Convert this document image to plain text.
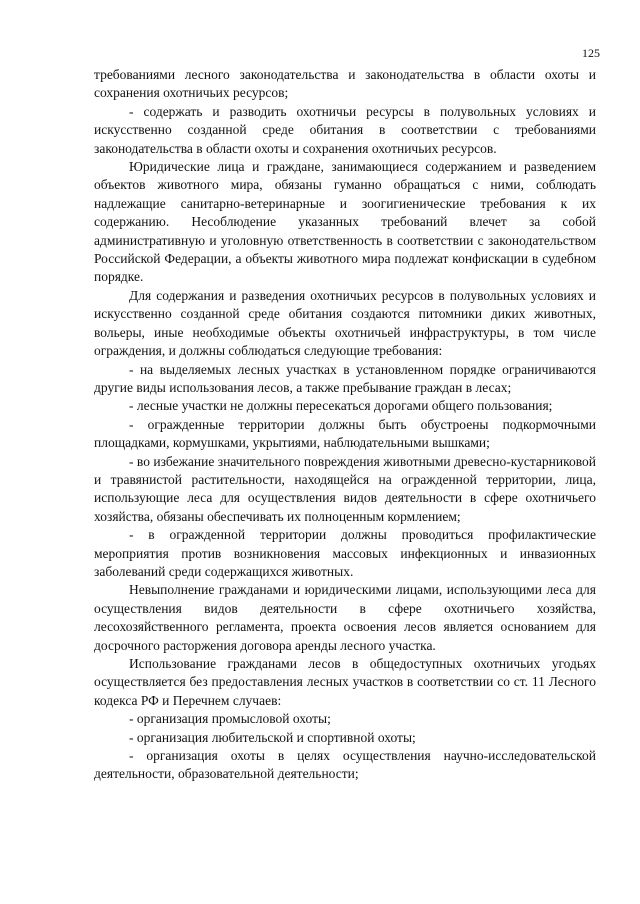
125

требованиями лесного законодательства и законодательства в области охоты и сохранения охотничьих ресурсов;

- содержать и разводить охотничьи ресурсы в полувольных условиях и искусственно созданной среде обитания в соответствии с требованиями законодательства в области охоты и сохранения охотничьих ресурсов.

Юридические лица и граждане, занимающиеся содержанием и разведением объектов животного мира, обязаны гуманно обращаться с ними, соблюдать надлежащие санитарно-ветеринарные и зоогигиенические требования к их содержанию. Несоблюдение указанных требований влечет за собой административную и уголовную ответственность в соответствии с законодательством Российской Федерации, а объекты животного мира подлежат конфискации в судебном порядке.

Для содержания и разведения охотничьих ресурсов в полувольных условиях и искусственно созданной среде обитания создаются питомники диких животных, вольеры, иные необходимые объекты охотничьей инфраструктуры, в том числе ограждения, и должны соблюдаться следующие требования:

- на выделяемых лесных участках в установленном порядке ограничиваются другие виды использования лесов, а также пребывание граждан в лесах;

- лесные участки не должны пересекаться дорогами общего пользования;

- огражденные территории должны быть обустроены подкормочными площадками, кормушками, укрытиями, наблюдательными вышками;

- во избежание значительного повреждения животными древесно-кустарниковой и травянистой растительности, находящейся на огражденной территории, лица, использующие леса для осуществления видов деятельности в сфере охотничьего хозяйства, обязаны обеспечивать их полноценным кормлением;

- в огражденной территории должны проводиться профилактические мероприятия против возникновения массовых инфекционных и инвазионных заболеваний среди содержащихся животных.

Невыполнение гражданами и юридическими лицами, использующими леса для осуществления видов деятельности в сфере охотничьего хозяйства, лесохозяйственного регламента, проекта освоения лесов является основанием для досрочного расторжения договора аренды лесного участка.

Использование гражданами лесов в общедоступных охотничьих угодьях осуществляется без предоставления лесных участков в соответствии со ст. 11 Лесного кодекса РФ и Перечнем случаев:

- организация промысловой охоты;

- организация любительской и спортивной охоты;

- организация охоты в целях осуществления научно-исследовательской деятельности, образовательной деятельности;
